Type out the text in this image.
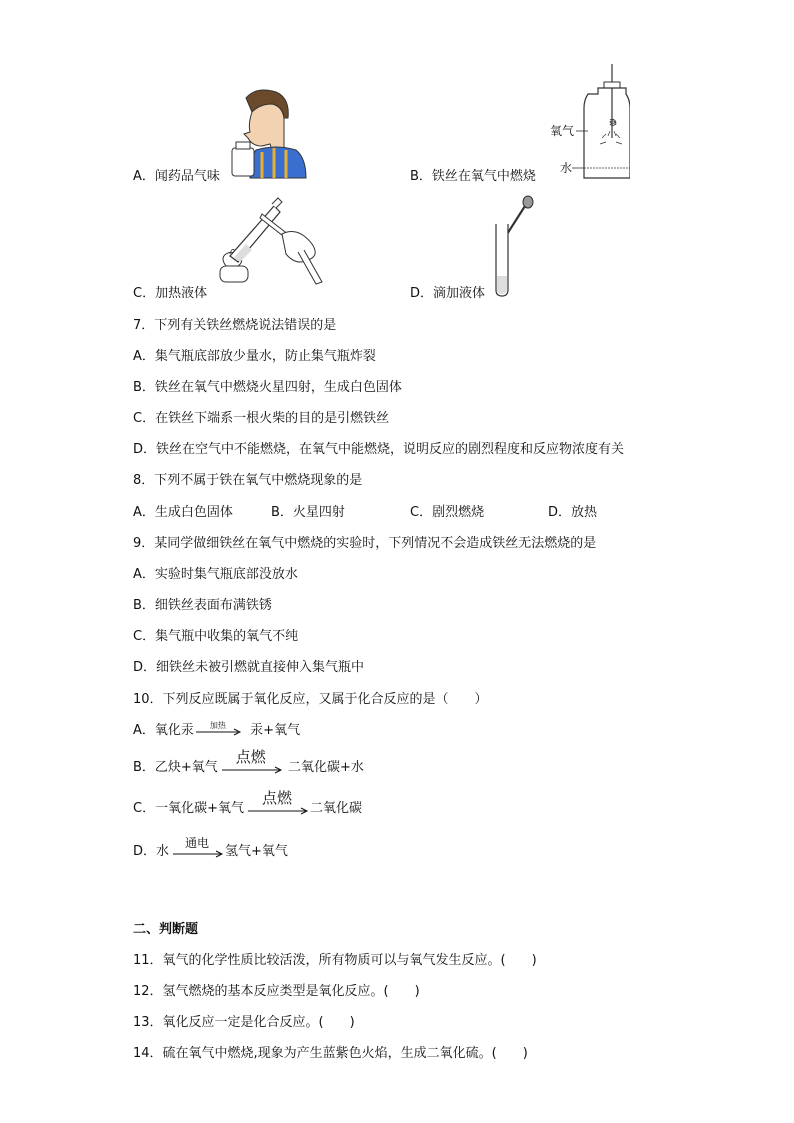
A．闻药品气味
氧气
水
B．铁丝在氧气中燃烧
C．加热液体	D．滴加液体
7．下列有关铁丝燃烧说法错误的是
A．集气瓶底部放少量水，防止集气瓶炸裂
B．铁丝在氧气中燃烧火星四射，生成白色固体
C．在铁丝下端系一根火柴的目的是引燃铁丝
D．铁丝在空气中不能燃烧，在氧气中能燃烧，说明反应的剧烈程度和反应物浓度有关
8．下列不属于铁在氧气中燃烧现象的是
A．生成白色固体	B．火星四射	C．剧烈燃烧	D．放热
9．某同学做细铁丝在氧气中燃烧的实验时，下列情况不会造成铁丝无法燃烧的是
A．实验时集气瓶底部没放水
B．细铁丝表面布满铁锈
C．集气瓶中收集的氧气不纯
D．细铁丝未被引燃就直接伸入集气瓶中
10．下列反应既属于氧化反应，又属于化合反应的是（　　）
A．氧化汞	加热	汞+氧气
B．乙炔+氧气
点燃
二氧化碳+水
C．一氧化碳+氧气
点燃
二氧化碳
D．水
通电
氢气+氧气
二、判断题
11．氧气的化学性质比较活泼，所有物质可以与氧气发生反应。(　　)
12．氢气燃烧的基本反应类型是氧化反应。(　　)
13．氧化反应一定是化合反应。(　　)
14．硫在氧气中燃烧,现象为产生蓝紫色火焰，生成二氧化硫。(　　)
